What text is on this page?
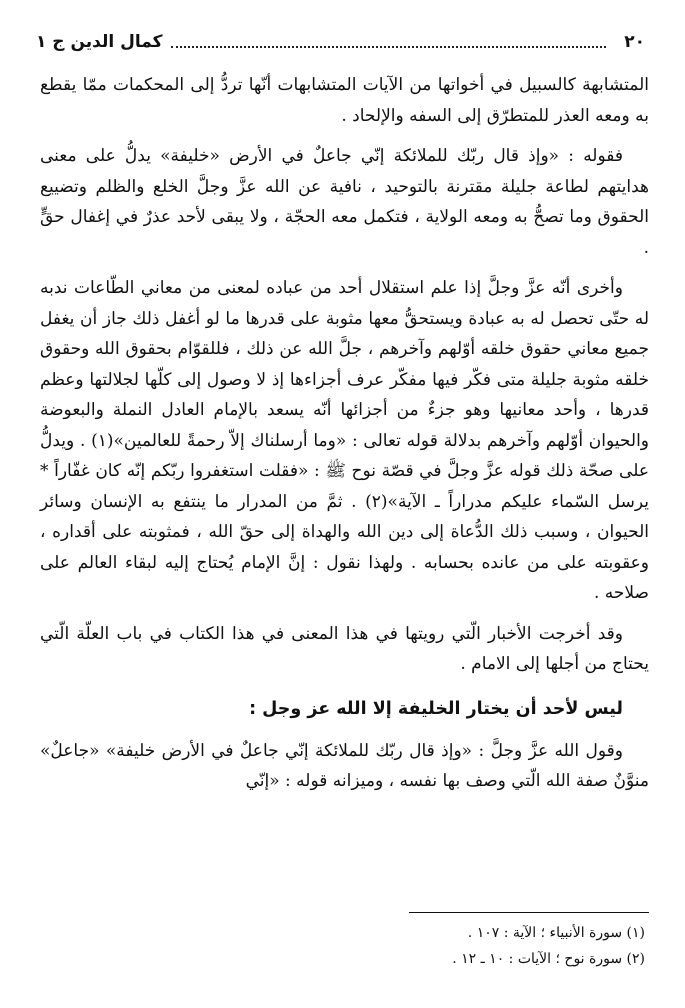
٢٠
كمال الدين ج ١

المتشابهة كالسبيل في أخواتها من الآيات المتشابهات أنّها تردُّ إلى المحكمات ممّا يقطع به ومعه العذر للمتطرّق إلى السفه والإلحاد .

فقوله : «وإذ قال ربّك للملائكة إنّي جاعلٌ في الأرض «خليفة» يدلُّ على معنى هدايتهم لطاعة جليلة مقترنة بالتوحيد ، نافية عن الله عزَّ وجلَّ الخلع والظلم وتضييع الحقوق وما تصحُّ به ومعه الولاية ، فتكمل معه الحجّة ، ولا يبقى لأحد عذرٌ في إغفال حقٍّ .

وأخرى أنّه عزَّ وجلَّ إذا علم استقلال أحد من عباده لمعنى من معاني الطّاعات ندبه له حتّى تحصل له به عبادة ويستحقُّ معها مثوبة على قدرها ما لو أغفل ذلك جاز أن يغفل جميع معاني حقوق خلقه أوّلهم وآخرهم ، جلَّ الله عن ذلك ، فللقوّام بحقوق الله وحقوق خلقه مثوبة جليلة متى فكّر فيها مفكّر عرف أجزاءها إذ لا وصول إلى كلّها لجلالتها وعظم قدرها ، وأحد معانيها وهو جزءٌ من أجزائها أنّه يسعد بالإمام العادل النملة والبعوضة والحيوان أوّلهم وآخرهم بدلالة قوله تعالى : «وما أرسلناك إلاّ رحمةً للعالمين»(١) . ويدلُّ على صحّة ذلك قوله عزَّ وجلَّ في قصّة نوح ﷺ : «فقلت استغفروا ربّكم إنّه كان غفّاراً * يرسل السّماء عليكم مدراراً ـ الآية»(٢) . ثمَّ من المدرار ما ينتفع به الإنسان وسائر الحيوان ، وسبب ذلك الدُّعاة إلى دين الله والهداة إلى حقّ الله ، فمثوبته على أقداره ، وعقوبته على من عانده بحسابه . ولهذا نقول : إنَّ الإمام يُحتاج إليه لبقاء العالم على صلاحه .

وقد أخرجت الأخبار الّتي رويتها في هذا المعنى في هذا الكتاب في باب العلّة الّتي يحتاج من أجلها إلى الامام .

ليس لأحد أن يختار الخليفة إلا الله عز وجل :

وقول الله عزَّ وجلَّ : «وإذ قال ربّك للملائكة إنّي جاعلٌ في الأرض خليفة» «جاعلٌ» منوَّنٌ صفة الله الّتي وصف بها نفسه ، وميزانه قوله : «إنّي

(١) سورة الأنبياء ؛ الآية : ١٠٧ .

(٢) سورة نوح ؛ الآيات : ١٠ ـ ١٢ .
